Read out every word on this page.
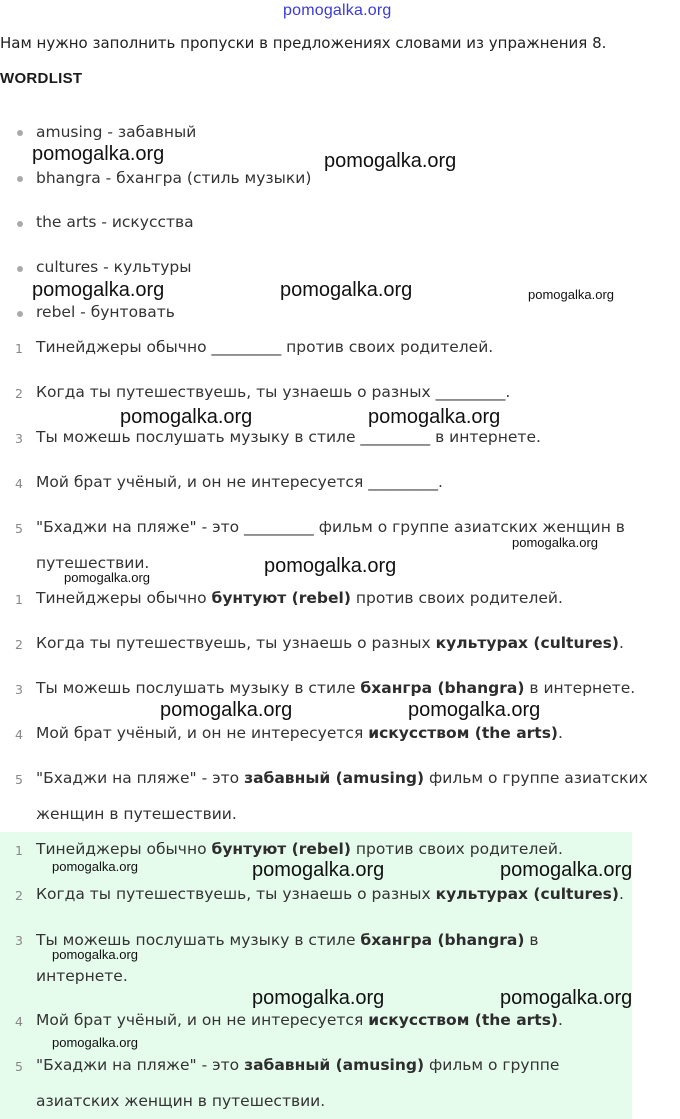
pomogalka.org
Нам нужно заполнить пропуски в предложениях словами из упражнения 8.
WORDLIST
amusing - забавный
bhangra - бхангра (стиль музыки)
the arts - искусства
cultures - культуры
rebel - бунтовать
1 Тинейджеры обычно _________ против своих родителей.
2 Когда ты путешествуешь, ты узнаешь о разных _________.
3 Ты можешь послушать музыку в стиле _________ в интернете.
4 Мой брат учёный, и он не интересуется _________.
5 "Бхаджи на пляже" - это _________ фильм о группе азиатских женщин в путешествии.
1 Тинейджеры обычно бунтуют (rebel) против своих родителей.
2 Когда ты путешествуешь, ты узнаешь о разных культурах (cultures).
3 Ты можешь послушать музыку в стиле бхангра (bhangra) в интернете.
4 Мой брат учёный, и он не интересуется искусством (the arts).
5 "Бхаджи на пляже" - это забавный (amusing) фильм о группе азиатских женщин в путешествии.
1 Тинейджеры обычно бунтуют (rebel) против своих родителей.
2 Когда ты путешествуешь, ты узнаешь о разных культурах (cultures).
3 Ты можешь послушать музыку в стиле бхангра (bhangra) в интернете.
4 Мой брат учёный, и он не интересуется искусством (the arts).
5 "Бхаджи на пляже" - это забавный (amusing) фильм о группе азиатских женщин в путешествии.
pomogalka.org	pomogalka.org
pomogalka.org	pomogalka.org	pomogalka.org
pomogalka.org	pomogalka.org
pomogalka.org
pomogalka.org
pomogalka.org
pomogalka.org	pomogalka.org
pomogalka.org	pomogalka.org	pomogalka.org
pomogalka.org
pomogalka.org	pomogalka.org
pomogalka.org
